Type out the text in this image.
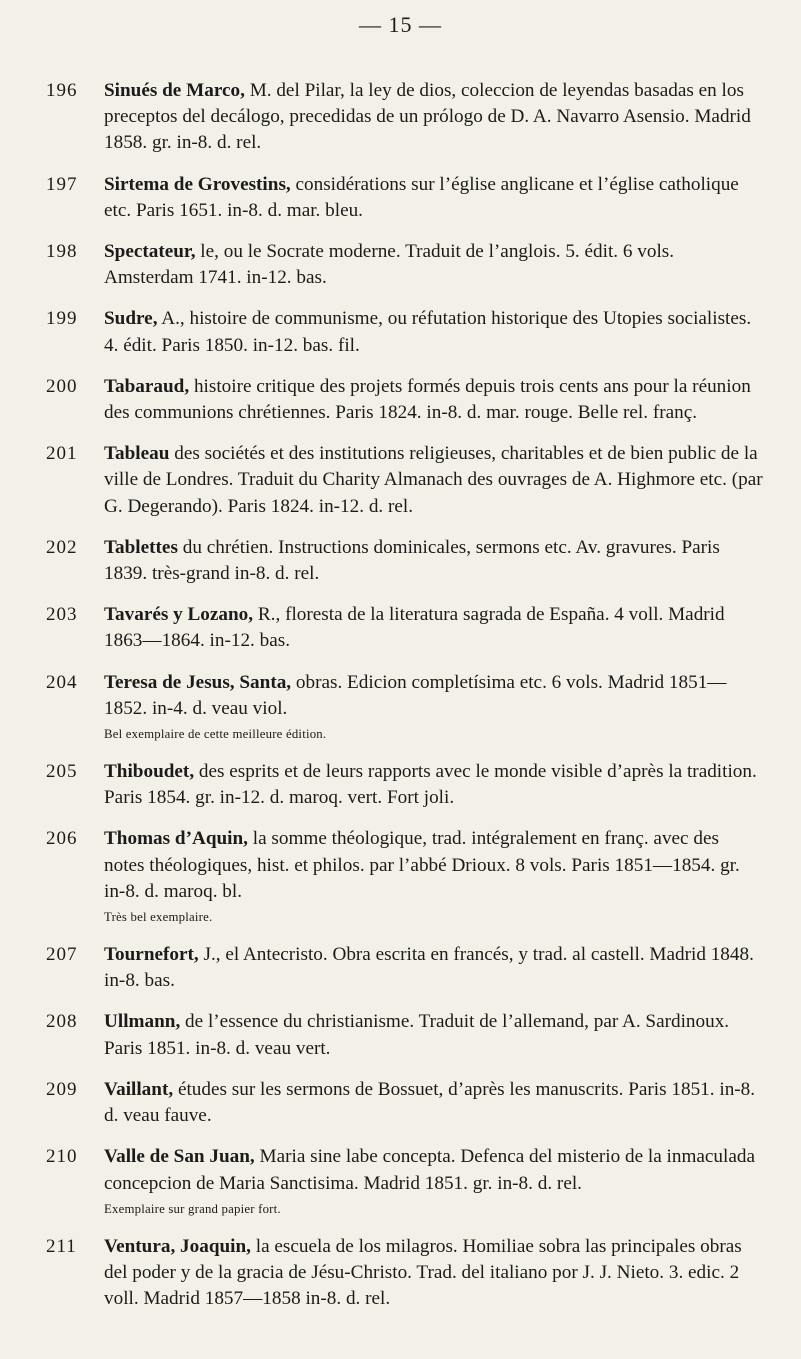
— 15 —
196	Sinués de Marco, M. del Pilar, la ley de dios, coleccion de leyendas basadas en los preceptos del decálogo, precedidas de un prólogo de D. A. Navarro Asensio. Madrid 1858. gr. in-8. d. rel.
197	Sirtema de Grovestins, considérations sur l’église anglicane et l’église catholique etc. Paris 1651. in-8. d. mar. bleu.
198	Spectateur, le, ou le Socrate moderne. Traduit de l’anglois. 5. édit. 6 vols. Amsterdam 1741. in-12. bas.
199	Sudre, A., histoire de communisme, ou réfutation historique des Utopies socialistes. 4. édit. Paris 1850. in-12. bas. fil.
200	Tabaraud, histoire critique des projets formés depuis trois cents ans pour la réunion des communions chrétiennes. Paris 1824. in-8. d. mar. rouge. Belle rel. franç.
201	Tableau des sociétés et des institutions religieuses, charitables et de bien public de la ville de Londres. Traduit du Charity Almanach des ouvrages de A. Highmore etc. (par G. Degerando). Paris 1824. in-12. d. rel.
202	Tablettes du chrétien. Instructions dominicales, sermons etc. Av. gravures. Paris 1839. très-grand in-8. d. rel.
203	Tavarés y Lozano, R., floresta de la literatura sagrada de España. 4 voll. Madrid 1863—1864. in-12. bas.
204	Teresa de Jesus, Santa, obras. Edicion completísima etc. 6 vols. Madrid 1851—1852. in-4. d. veau viol.
Bel exemplaire de cette meilleure édition.
205	Thiboudet, des esprits et de leurs rapports avec le monde visible d’après la tradition. Paris 1854. gr. in-12. d. maroq. vert. Fort joli.
206	Thomas d’Aquin, la somme théologique, trad. intégralement en franç. avec des notes théologiques, hist. et philos. par l’abbé Drioux. 8 vols. Paris 1851—1854. gr. in-8. d. maroq. bl.
Très bel exemplaire.
207	Tournefort, J., el Antecristo. Obra escrita en francés, y trad. al castell. Madrid 1848. in-8. bas.
208	Ullmann, de l’essence du christianisme. Traduit de l’allemand, par A. Sardinoux. Paris 1851. in-8. d. veau vert.
209	Vaillant, études sur les sermons de Bossuet, d’après les manuscrits. Paris 1851. in-8. d. veau fauve.
210	Valle de San Juan, Maria sine labe concepta. Defenca del misterio de la inmaculada concepcion de Maria Sanctisima. Madrid 1851. gr. in-8. d. rel.
Exemplaire sur grand papier fort.
211	Ventura, Joaquin, la escuela de los milagros. Homiliae sobra las principales obras del poder y de la gracia de Jésu-Christo. Trad. del italiano por J. J. Nieto. 3. edic. 2 voll. Madrid 1857—1858 in-8. d. rel.
